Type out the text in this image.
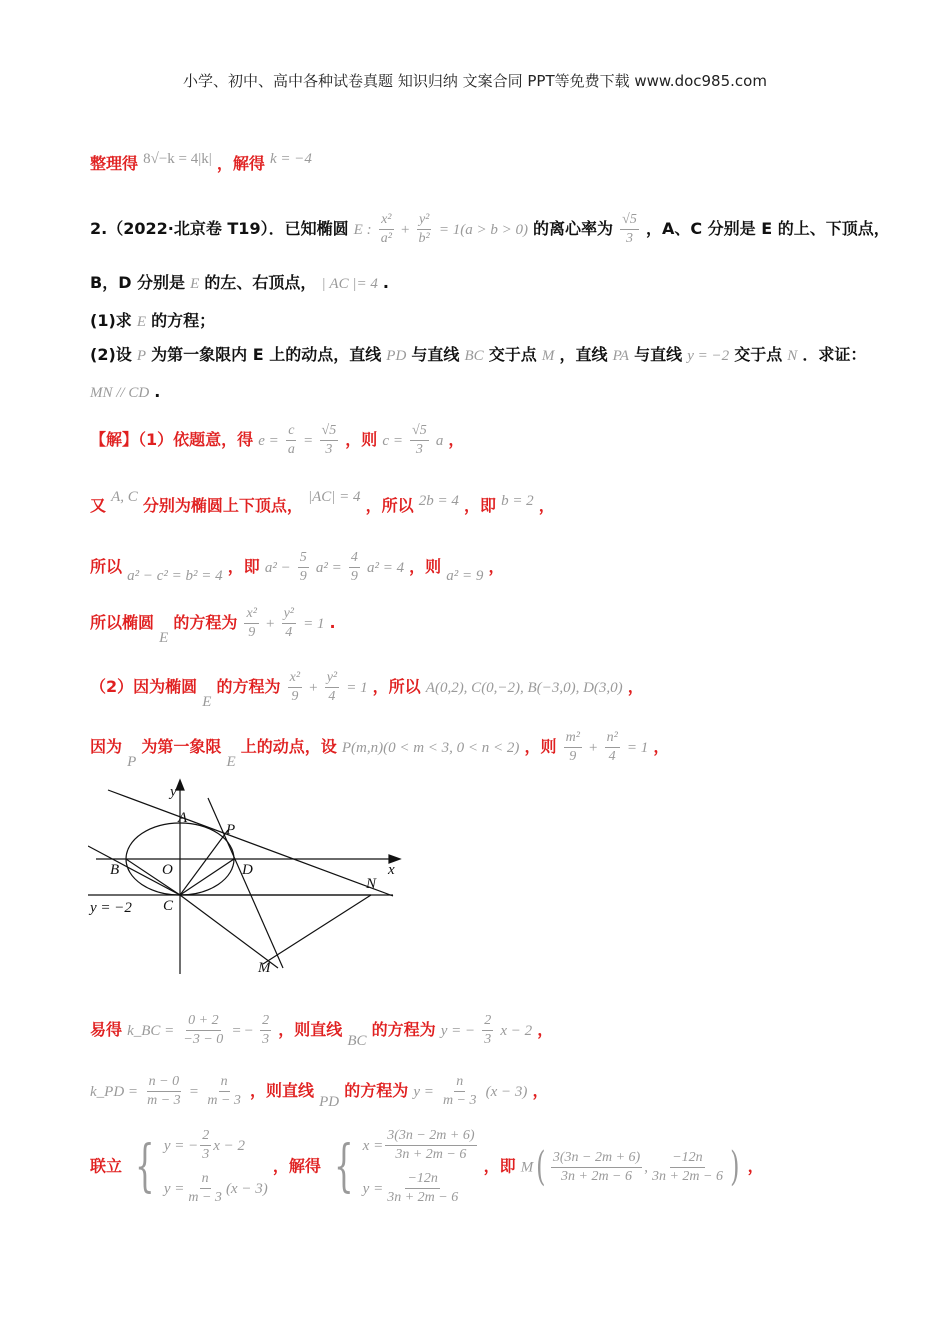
小学、初中、高中各种试卷真题 知识归纳 文案合同 PPT等免费下载 www.doc985.com
整理得 8√−k = 4|k| ，解得 k = −4
2.（2022·北京卷 T19）．已知椭圆 E : $\frac{\text{x²}}{\text{a²}} + \frac{\text{y²}}{\text{b²}} = 1(a > b > 0)$ 的离心率为 $\frac{√5}{3}$ ，A、C 分别是 E 的上、下顶点，
B，D 分别是 E 的左、右顶点， | AC |= 4 .
(1)求 E 的方程；
(2)设 P 为第一象限内 E 上的动点，直线 PD 与直线 BC 交于点 M ，直线 PA 与直线 y = −2 交于点 N ．求证：
MN // CD .
【解】（1）依题意，得 $e = \frac{c}{a} = \frac{√5}{3}$ ，则 $c = \frac{√5}{3}$ a ，
又 A, C 分别为椭圆上下顶点， |AC| = 4 ，所以 2b = 4 ，即 b = 2 ，
所以 a² − c² = b² = 4 ，即 $a^2 - \frac{5}{9} a^2 = \frac{4}{9} a^2 = 4$ ，则 a² = 9 ，
所以椭圆 E 的方程为 $\frac{\text{x²}}{9} + \frac{\text{y²}}{4} = 1$ .
（2）因为椭圆 E 的方程为 $\frac{\text{x²}}{9} + \frac{\text{y²}}{4} = 1$ ，所以 A(0,2), C(0,−2), B(−3,0), D(3,0) ，
因为 P 为第一象限 E 上的动点，设 P(m,n)(0 < m < 3, 0 < n < 2) ，则 $\frac{\text{m²}}{9} + \frac{\text{n²}}{4} = 1$ ，
y
x
A
P
B	O	D
N
C
M
y = −2
易得 k_BC = $\frac{0 + 2}{-3 - 0}$ = − $\frac{2}{3}$ ，则直线 BC 的方程为 y = − $\frac{2}{3}$ x − 2 ，
k_PD = $\frac{n - 0}{m - 3} = \frac{n}{m - 3}$ ，则直线 PD 的方程为 $y = \frac{n}{m - 3} (x - 3)$ ，
联立 { y = − $\frac{2}{3}$ x − 2
$y = \frac{n}{m - 3} (x - 3)$
，解得 { $x = \frac{3(3n - 2m + 6)}{3n + 2m - 6}$
$y = \frac{-12n}{3n + 2m - 6}$
，即 $M( \frac{3(3n - 2m + 6)}{3n + 2m - 6}$ , $\frac{-12n}{3n + 2m - 6}$ ) ，
